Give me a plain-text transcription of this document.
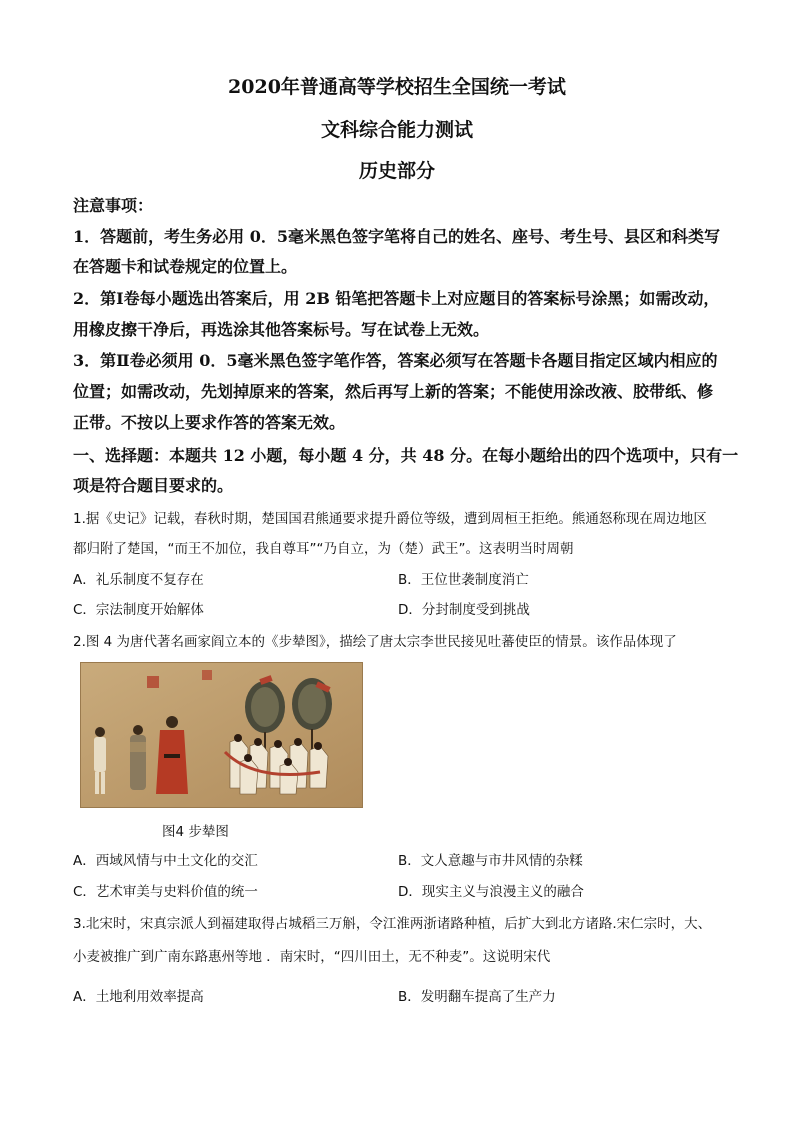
2020年普通高等学校招生全国统一考试
文科综合能力测试
历史部分
注意事项：
1．答题前，考生务必用 0．5毫米黑色签字笔将自己的姓名、座号、考生号、县区和科类写
在答题卡和试卷规定的位置上。
2．第Ⅰ卷每小题选出答案后，用 2B 铅笔把答题卡上对应题目的答案标号涂黑；如需改动，
用橡皮擦干净后，再选涂其他答案标号。写在试卷上无效。
3．第Ⅱ卷必须用 0．5毫米黑色签字笔作答，答案必须写在答题卡各题目指定区域内相应的
位置；如需改动，先划掉原来的答案，然后再写上新的答案；不能使用涂改液、胶带纸、修
正带。不按以上要求作答的答案无效。
一、选择题：本题共 12 小题，每小题 4 分，共 48 分。在每小题给出的四个选项中，只有一
项是符合题目要求的。
1.据《史记》记载，春秋时期，楚国国君熊通要求提升爵位等级，遭到周桓王拒绝。熊通怒称现在周边地区
都归附了楚国，“而王不加位，我自尊耳”“乃自立，为（楚）武王”。这表明当时周朝
A．礼乐制度不复存在	B．王位世袭制度消亡
C．宗法制度开始解体	D．分封制度受到挑战
2.图 4 为唐代著名画家阎立本的《步辇图》，描绘了唐太宗李世民接见吐蕃使臣的情景。该作品体现了
图4 步辇图
A．西域风情与中土文化的交汇	B．文人意趣与市井风情的杂糅
C．艺术审美与史料价值的统一	D．现实主义与浪漫主义的融合
3.北宋时，宋真宗派人到福建取得占城稻三万斛，令江淮两浙诸路种植，后扩大到北方诸路.宋仁宗时，大、
小麦被推广到广南东路惠州等地 ．南宋时，“四川田土，无不种麦”。这说明宋代
A．土地利用效率提高	B．发明翻车提高了生产力
